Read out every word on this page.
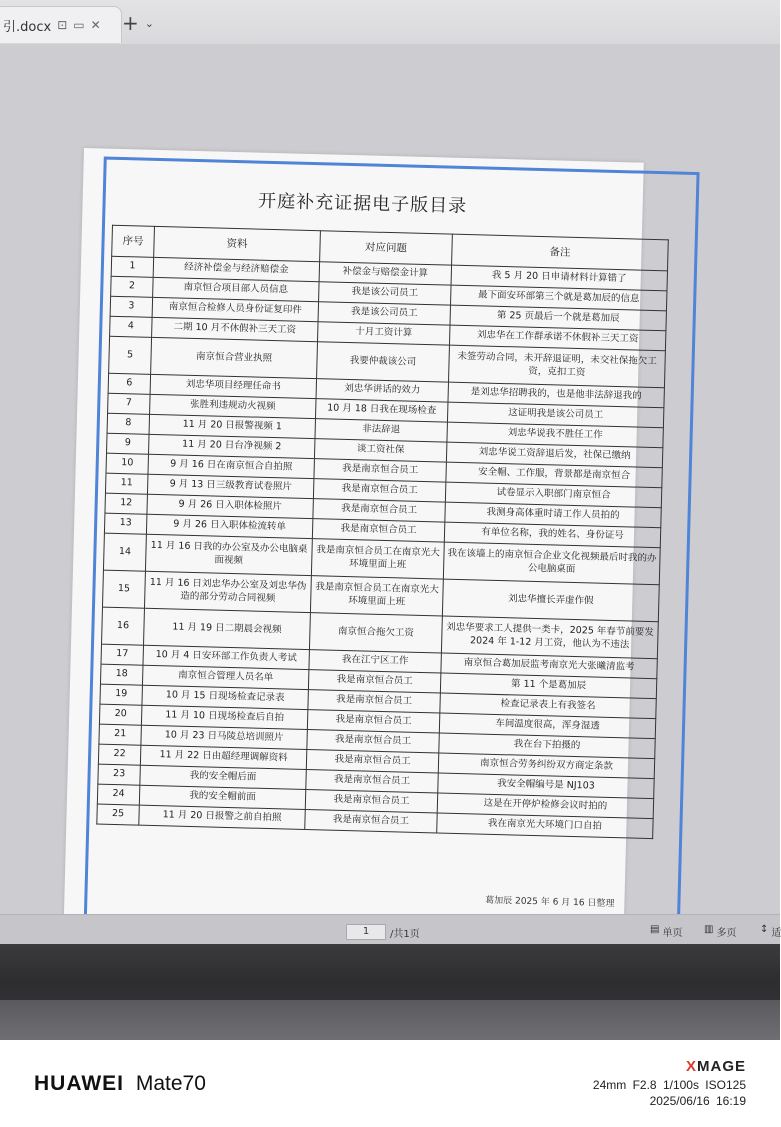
引.docx ⊡ ▭ ✕ + ⌄
开庭补充证据电子版目录
序号	资料	对应问题	备注
1	经济补偿金与经济赔偿金	补偿金与赔偿金计算	我 5 月 20 日申请材料计算错了
2	南京恒合项目部人员信息	我是该公司员工	最下面安环部第三个就是葛加辰的信息
3	南京恒合检修人员身份证复印件	我是该公司员工	第 25 页最后一个就是葛加辰
4	二期 10 月不休假补三天工资	十月工资计算	刘忠华在工作群承诺不休假补三天工资
5	南京恒合营业执照	我要仲裁该公司	未签劳动合同，未开辞退证明，未交社保拖欠工资，克扣工资
6	刘忠华项目经理任命书	刘忠华讲话的效力	是刘忠华招聘我的，也是他非法辞退我的
7	张胜利违规动火视频	10 月 18 日我在现场检查	这证明我是该公司员工
8	11 月 20 日报警视频 1	非法辞退	刘忠华说我不胜任工作
9	11 月 20 日台净视频 2	谈工资社保	刘忠华说工资辞退后发，社保已缴纳
10	9 月 16 日在南京恒合自拍照	我是南京恒合员工	安全帽、工作服，背景都是南京恒合
11	9 月 13 日三级教育试卷照片	我是南京恒合员工	试卷显示入职部门南京恒合
12	9 月 26 日入职体检照片	我是南京恒合员工	我测身高体重时请工作人员拍的
13	9 月 26 日入职体检流转单	我是南京恒合员工	有单位名称，我的姓名、身份证号
14	11 月 16 日我的办公室及办公电脑桌面视频	我是南京恒合员工在南京光大环境里面上班	我在该墙上的南京恒合企业文化视频最后时我的办公电脑桌面
15	11 月 16 日刘忠华办公室及刘忠华伪造的部分劳动合同视频	我是南京恒合员工在南京光大环境里面上班	刘忠华擅长弄虚作假
16	11 月 19 日二期晨会视频	南京恒合拖欠工资	刘忠华要求工人提供一类卡，2025 年春节前要发 2024 年 1-12 月工资，他认为不违法
17	10 月 4 日安环部工作负责人考试	我在江宁区工作	南京恒合葛加辰监考南京光大张曦清监考
18	南京恒合管理人员名单	我是南京恒合员工	第 11 个是葛加辰
19	10 月 15 日现场检查记录表	我是南京恒合员工	检查记录表上有我签名
20	11 月 10 日现场检查后自拍	我是南京恒合员工	车间温度很高，浑身湿透
21	10 月 23 日马陵总培训照片	我是南京恒合员工	我在台下拍摄的
22	11 月 22 日由超经理调解资料	我是南京恒合员工	南京恒合劳务纠纷双方商定条款
23	我的安全帽后面	我是南京恒合员工	我安全帽编号是 NJ103
24	我的安全帽前面	我是南京恒合员工	这是在开停炉检修会议时拍的
25	11 月 20 日报警之前自拍照	我是南京恒合员工	我在南京光大环境门口自拍
葛加辰 2025 年 6 月 16 日整理
1	/共1页	▤ 单页 ▥ 多页 ↕ 适
HUAWEI Mate70
XMAGE
24mm F2.8 1/100s ISO125
2025/06/16 16:19
